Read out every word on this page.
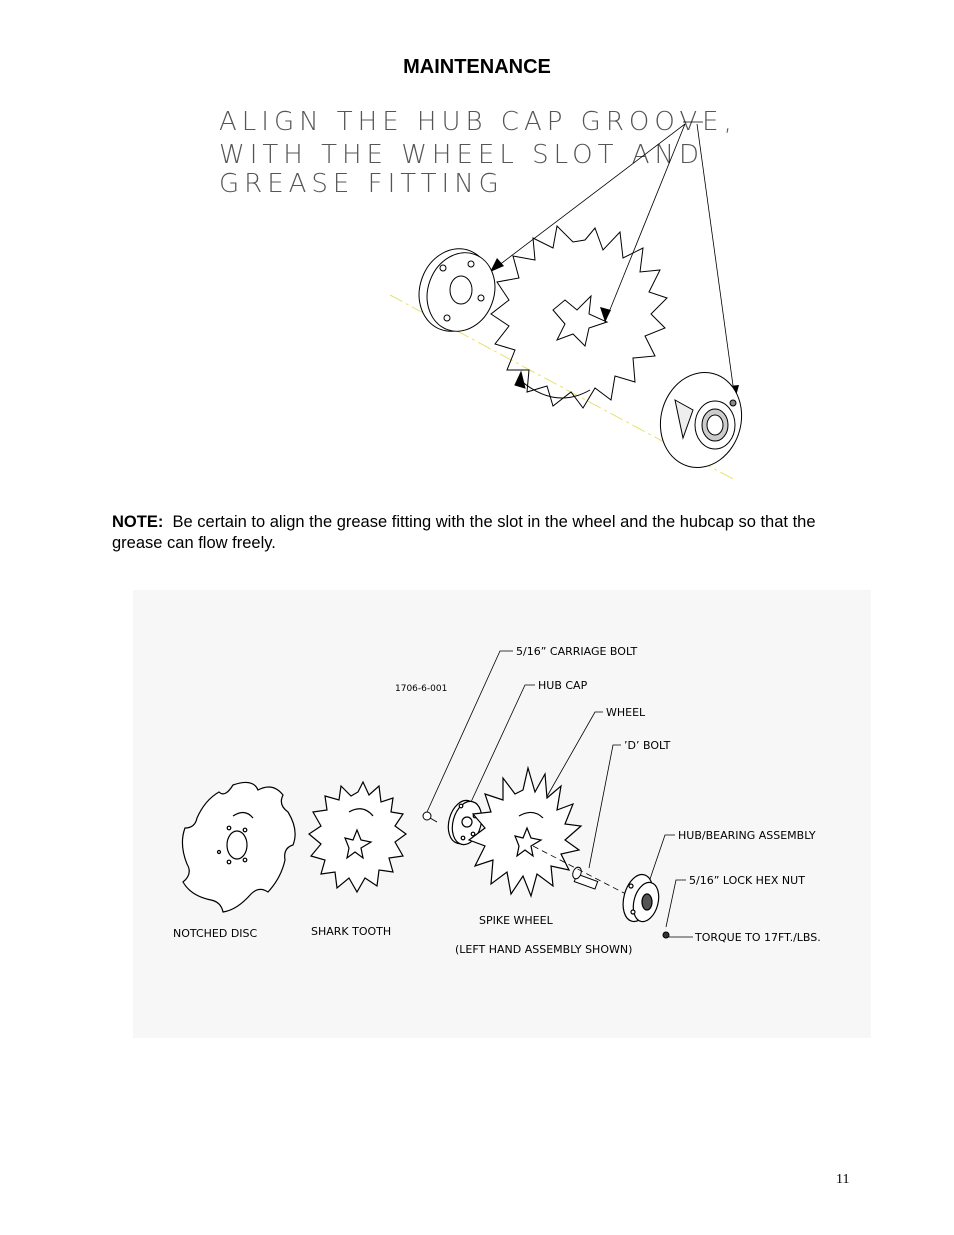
MAINTENANCE
ALIGN THE HUB CAP GROOVE,
WITH THE WHEEL SLOT AND
GREASE FITTING
NOTE: Be certain to align the grease fitting with the slot in the wheel and the hubcap so that the grease can flow freely.
1706-6-001
5/16” CARRIAGE BOLT
HUB CAP
WHEEL
’D’ BOLT
HUB/BEARING ASSEMBLY
5/16” LOCK HEX NUT
TORQUE TO 17FT./LBS.
NOTCHED DISC	SHARK TOOTH
SPIKE WHEEL
(LEFT HAND ASSEMBLY SHOWN)
11
